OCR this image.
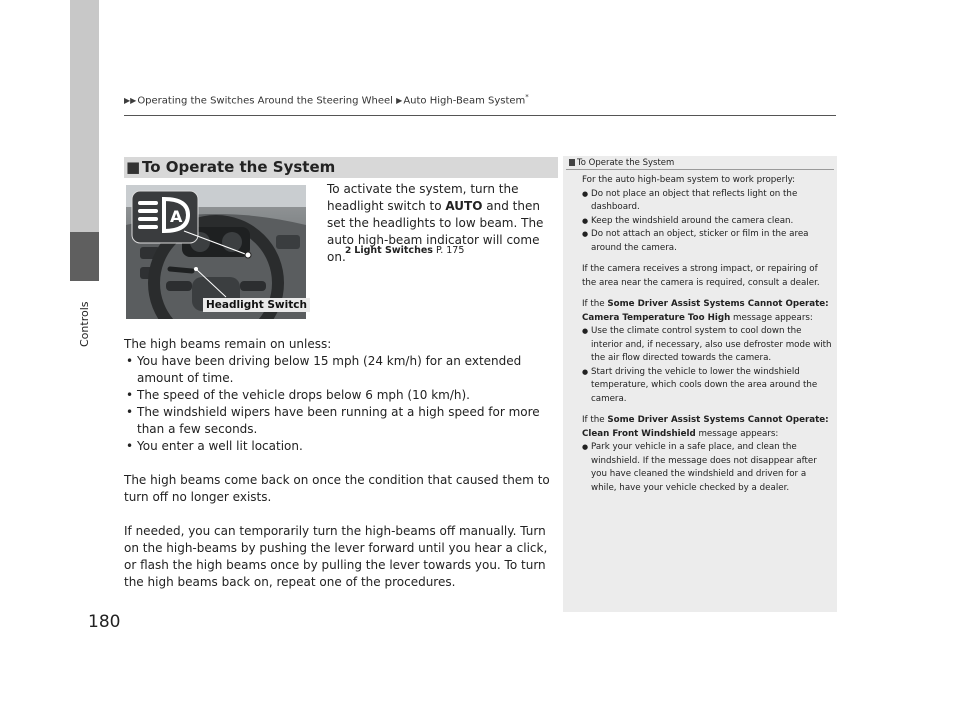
▶▶Operating the Switches Around the Steering Wheel ▶Auto High-Beam System*
Controls
180
■ To Operate the System
A
Headlight Switch
To activate the system, turn the headlight switch to AUTO and then set the headlights to low beam. The auto high-beam indicator will come on. 2 Light Switches P. 175

The high beams remain on unless:

• You have been driving below 15 mph (24 km/h) for an extended amount of time.

• The speed of the vehicle drops below 6 mph (10 km/h).

• The windshield wipers have been running at a high speed for more than a few seconds.

• You enter a well lit location.

The high beams come back on once the condition that caused them to turn off no longer exists.

If needed, you can temporarily turn the high-beams off manually. Turn on the high-beams by pushing the lever forward until you hear a click, or flash the high beams once by pulling the lever towards you. To turn the high beams back on, repeat one of the procedures.

To Operate the System

For the auto high-beam system to work properly:

● Do not place an object that reflects light on the dashboard.

● Keep the windshield around the camera clean.

● Do not attach an object, sticker or film in the area around the camera.

If the camera receives a strong impact, or repairing of the area near the camera is required, consult a dealer.

If the Some Driver Assist Systems Cannot Operate: Camera Temperature Too High message appears:

● Use the climate control system to cool down the interior and, if necessary, also use defroster mode with the air flow directed towards the camera.

● Start driving the vehicle to lower the windshield temperature, which cools down the area around the camera.

If the Some Driver Assist Systems Cannot Operate: Clean Front Windshield message appears:

● Park your vehicle in a safe place, and clean the windshield. If the message does not disappear after you have cleaned the windshield and driven for a while, have your vehicle checked by a dealer.
